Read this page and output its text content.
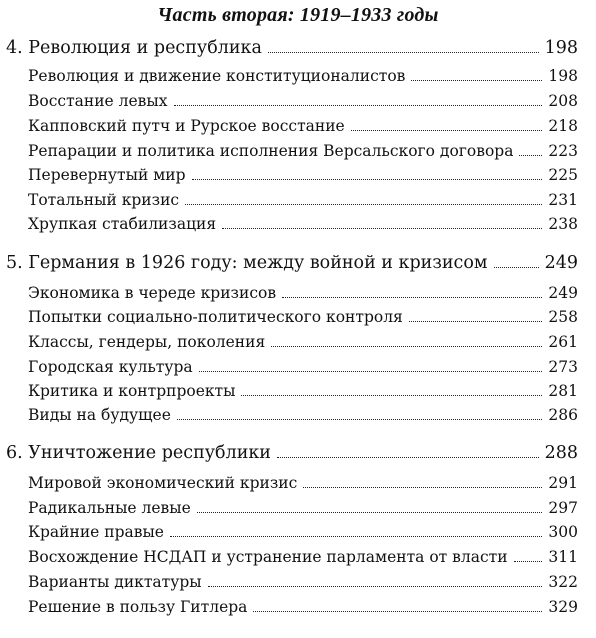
Часть вторая: 1919–1933 годы
4. Революция и республика	198
Революция и движение конституционалистов	198
Восстание левых	208
Капповский путч и Рурское восстание	218
Репарации и политика исполнения Версальского договора 223
Перевернутый мир	225
Тотальный кризис	231
Хрупкая стабилизация	238
5. Германия в 1926 году: между войной и кризисом	249
Экономика в череде кризисов	249
Попытки социально-политического контроля	258
Классы, гендеры, поколения	261
Городская культура	273
Критика и контрпроекты	281
Виды на будущее	286
6. Уничтожение республики	288
Мировой экономический кризис	291
Радикальные левые	297
Крайние правые	300
Восхождение НСДАП и устранение парламента от власти	311
Варианты диктатуры	322
Решение в пользу Гитлера	329
